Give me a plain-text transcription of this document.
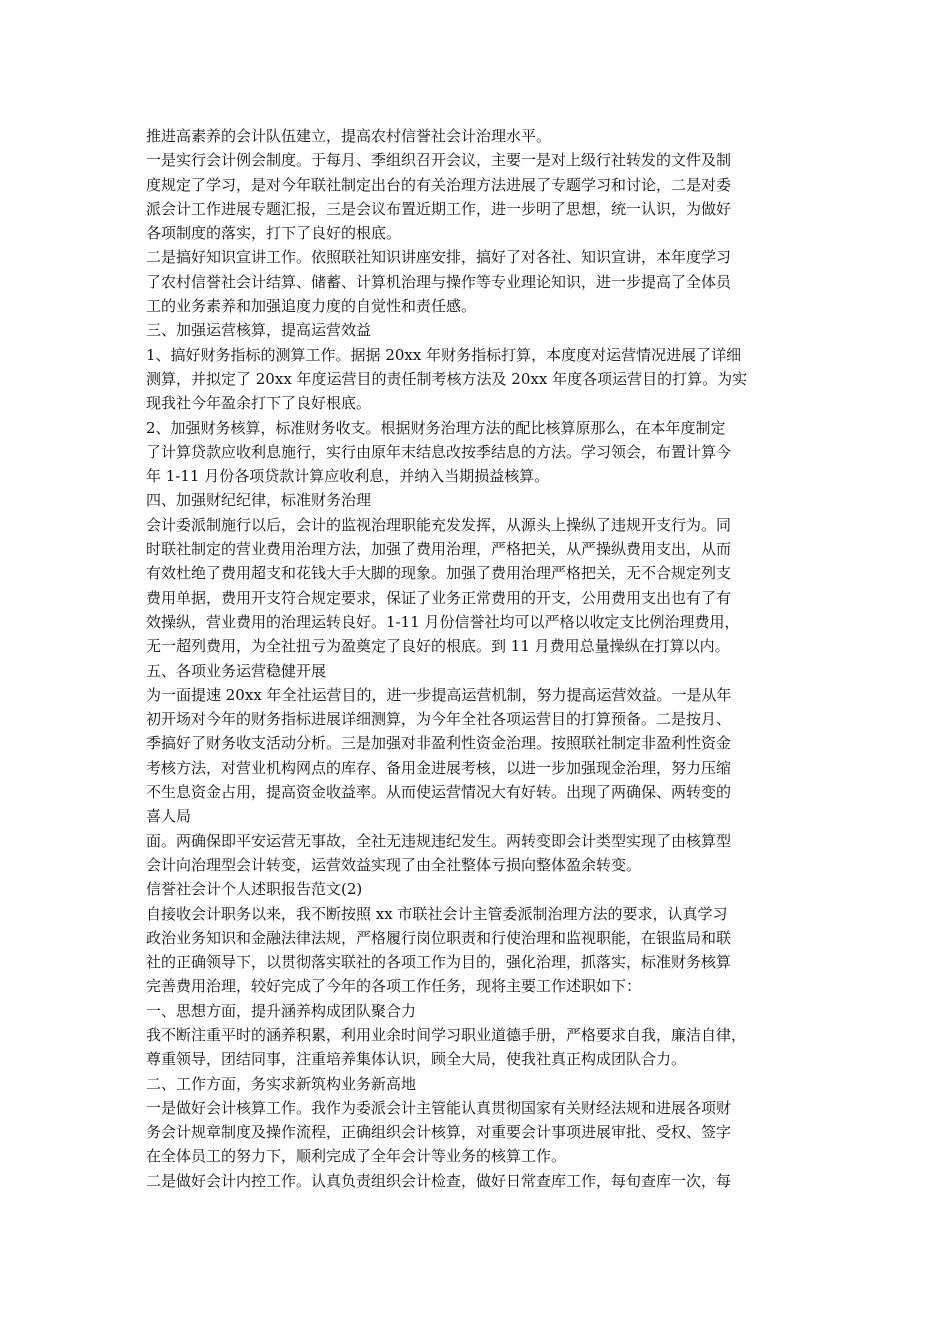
推进高素养的会计队伍建立，提高农村信誉社会计治理水平。
一是实行会计例会制度。于每月、季组织召开会议，主要一是对上级行社转发的文件及制
度规定了学习，是对今年联社制定出台的有关治理方法进展了专题学习和讨论，二是对委
派会计工作进展专题汇报，三是会议布置近期工作，进一步明了思想，统一认识，为做好
各项制度的落实，打下了良好的根底。
二是搞好知识宣讲工作。依照联社知识讲座安排，搞好了对各社、知识宣讲，本年度学习
了农村信誉社会计结算、储蓄、计算机治理与操作等专业理论知识，进一步提高了全体员
工的业务素养和加强追度力度的自觉性和责任感。
三、加强运营核算，提高运营效益
1、搞好财务指标的测算工作。据据 20xx 年财务指标打算，本度度对运营情况进展了详细
测算，并拟定了 20xx 年度运营目的责任制考核方法及 20xx 年度各项运营目的打算。为实
现我社今年盈余打下了良好根底。
2、加强财务核算，标准财务收支。根据财务治理方法的配比核算原那么，在本年度制定
了计算贷款应收利息施行，实行由原年末结息改按季结息的方法。学习领会，布置计算今
年 1-11 月份各项贷款计算应收利息，并纳入当期损益核算。
四、加强财纪纪律，标准财务治理
会计委派制施行以后，会计的监视治理职能充发发挥，从源头上操纵了违规开支行为。同
时联社制定的营业费用治理方法，加强了费用治理，严格把关，从严操纵费用支出，从而
有效杜绝了费用超支和花钱大手大脚的现象。加强了费用治理严格把关，无不合规定列支
费用单据，费用开支符合规定要求，保证了业务正常费用的开支，公用费用支出也有了有
效操纵，营业费用的治理运转良好。1-11 月份信誉社均可以严格以收定支比例治理费用，
无一超列费用，为全社扭亏为盈奠定了良好的根底。到 11 月费用总量操纵在打算以内。
五、各项业务运营稳健开展
为一面提速 20xx 年全社运营目的，进一步提高运营机制，努力提高运营效益。一是从年
初开场对今年的财务指标进展详细测算，为今年全社各项运营目的打算预备。二是按月、
季搞好了财务收支活动分析。三是加强对非盈利性资金治理。按照联社制定非盈利性资金
考核方法，对营业机构网点的库存、备用金进展考核，以进一步加强现金治理，努力压缩
不生息资金占用，提高资金收益率。从而使运营情况大有好转。出现了两确保、两转变的
喜人局
面。两确保即平安运营无事故，全社无违规违纪发生。两转变即会计类型实现了由核算型
会计向治理型会计转变，运营效益实现了由全社整体亏损向整体盈余转变。
信誉社会计个人述职报告范文(2)
自接收会计职务以来，我不断按照 xx 市联社会计主管委派制治理方法的要求，认真学习
政治业务知识和金融法律法规，严格履行岗位职责和行使治理和监视职能，在银监局和联
社的正确领导下，以贯彻落实联社的各项工作为目的，强化治理，抓落实，标准财务核算
完善费用治理，较好完成了今年的各项工作任务，现将主要工作述职如下：
一、思想方面，提升涵养构成团队聚合力
我不断注重平时的涵养积累，利用业余时间学习职业道德手册，严格要求自我，廉洁自律，
尊重领导，团结同事，注重培养集体认识，顾全大局，使我社真正构成团队合力。
二、工作方面，务实求新筑构业务新高地
一是做好会计核算工作。我作为委派会计主管能认真贯彻国家有关财经法规和进展各项财
务会计规章制度及操作流程，正确组织会计核算，对重要会计事项进展审批、受权、签字
在全体员工的努力下，顺利完成了全年会计等业务的核算工作。
二是做好会计内控工作。认真负责组织会计检查，做好日常查库工作，每旬查库一次，每
